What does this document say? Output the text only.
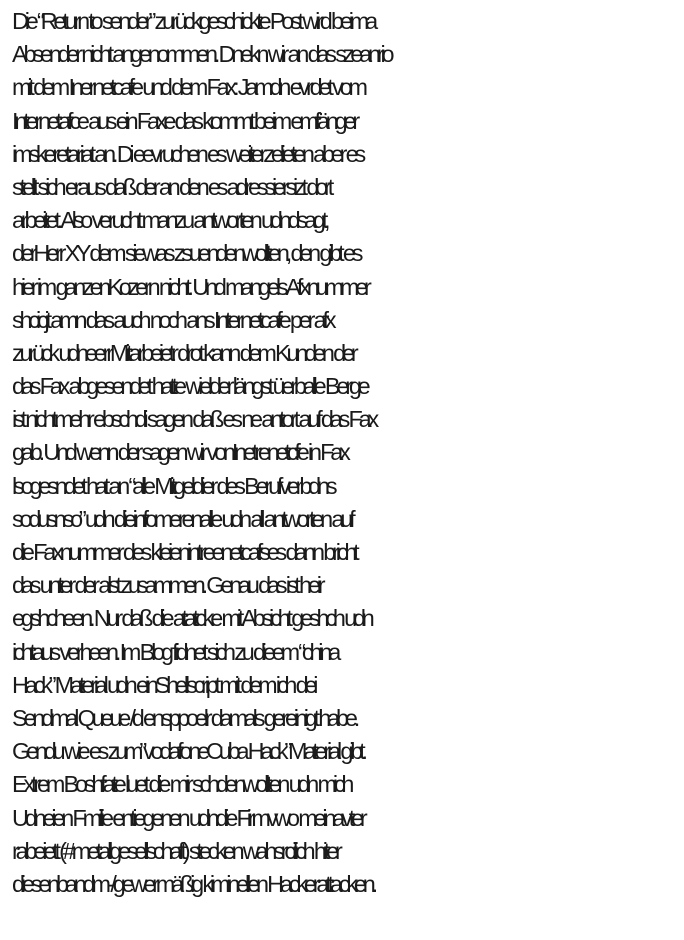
Die “Return to sender” zurückgeschickte Post wird beima
Absender nicht angenommen. Dnekn wir an das szeanrio
mit dem Inernetcafe und dem Fax: Jamdn evrdet vom
Internetafce aus ein Faxe das kommt beim emfänger
imskeretariat an. Di eevruchen es weiterzelieten aber es
stellt sich eraus daß der an den es adressiersizt dort
arbeitet. Also verucht manzu antworten udndsagt,
derHerr XY dem siewas zsuendenwollten, den gibt es
hier im ganzenKozern nicht. Und mangels Afxnummer
shcicjt amn das auch noch ans Internetcafe per afx
zurück udneerrMitarbeietr drot kann dem Kunden der
das Fax abgesendet hatte wielder längst üerballe Berge
ist nichtmehr ebschdi sagen daß es ne antort auf das Fax
gab. Und wenn der sagen wir vonInetrenetcfe in Fax
lsogesndet hat an “alle Mitgeldier des Berufverbdns
sodusnso” udn dieinfomerenalle udn all antworten auf
die Faxnummer des kleienintreenetcafses dann bricht
das unter der alst zusammen. Genau das ist heir
egshcheen. Nur daß die atatcke mit Absicht geshch udn
ichtaus verheen. Im Blog fidnet sich zu dieem “china
Hack” Material udn einShellscript mit dem ich dei
Sendmal Queue /d ensppoelr damals gereinigt habe.
Gendu wie es zum”vodafoneCuba Hack”Material gibt.
Extrem Boshfate luet die mir schdenwollten udn mich
Udneien Fmilie entiegenen udndie Firmvwo meinavter
rabeiett (#metallgesellschaft) stecken wahsrcilich hiter
diesenbandm-/gewermäßig kiminellen Hackerattacken.
